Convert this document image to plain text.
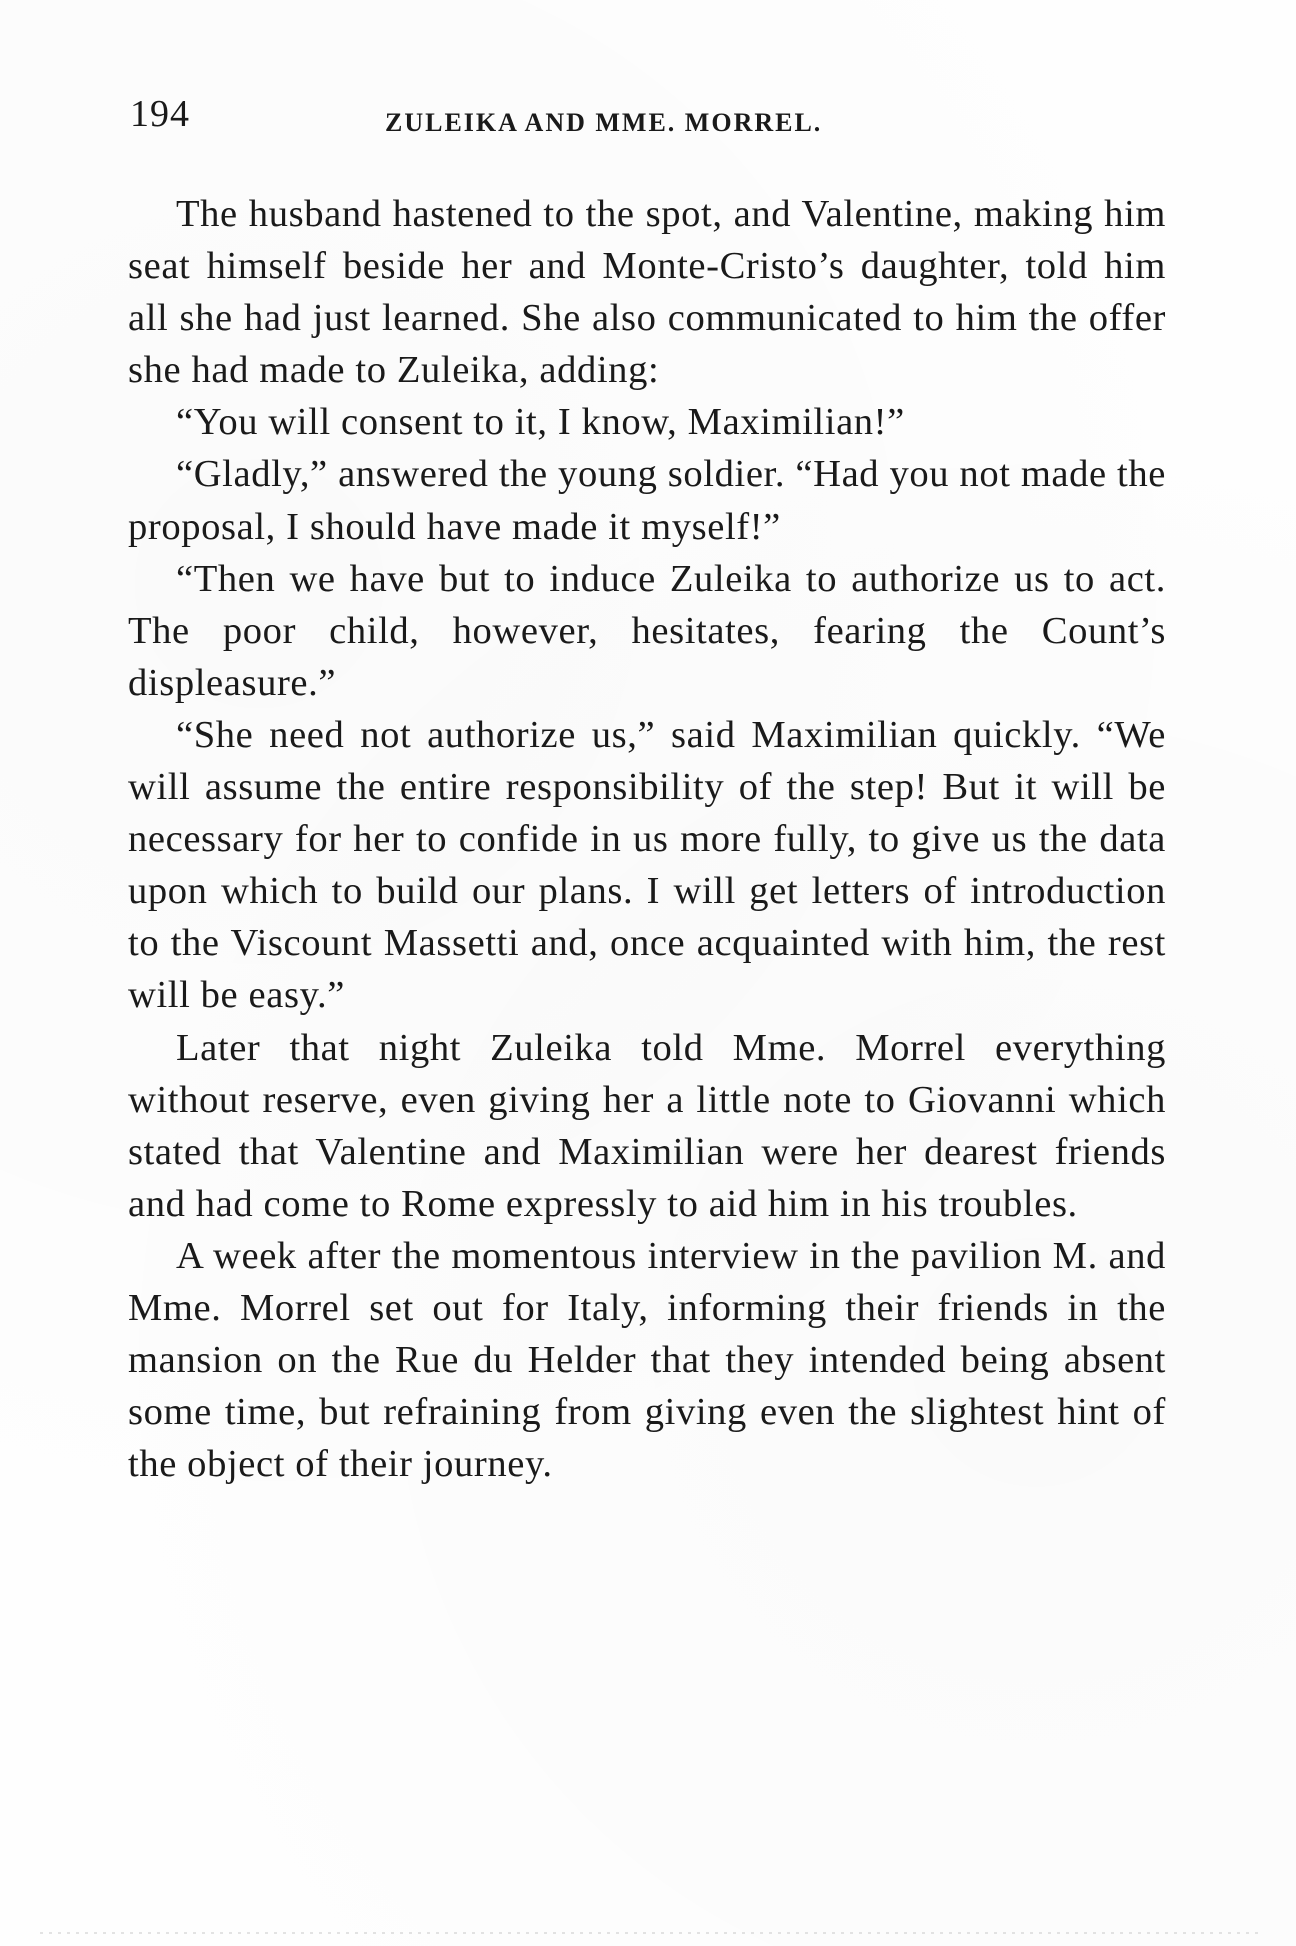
194	ZULEIKA AND MME. MORREL.

The husband hastened to the spot, and Valentine, making him seat himself beside her and Monte-Cristo’s daughter, told him all she had just learned. She also communicated to him the offer she had made to Zuleika, adding:

“You will consent to it, I know, Maximilian!”

“Gladly,” answered the young soldier. “Had you not made the proposal, I should have made it myself!”

“Then we have but to induce Zuleika to authorize us to act. The poor child, however, hesitates, fearing the Count’s displeasure.”

“She need not authorize us,” said Maximilian quickly. “We will assume the entire responsibility of the step! But it will be necessary for her to confide in us more fully, to give us the data upon which to build our plans. I will get letters of introduction to the Viscount Massetti and, once acquainted with him, the rest will be easy.”

Later that night Zuleika told Mme. Morrel everything without reserve, even giving her a little note to Giovanni which stated that Valentine and Maximilian were her dearest friends and had come to Rome expressly to aid him in his troubles.

A week after the momentous interview in the pavilion M. and Mme. Morrel set out for Italy, informing their friends in the mansion on the Rue du Helder that they intended being absent some time, but refraining from giving even the slightest hint of the object of their journey.
